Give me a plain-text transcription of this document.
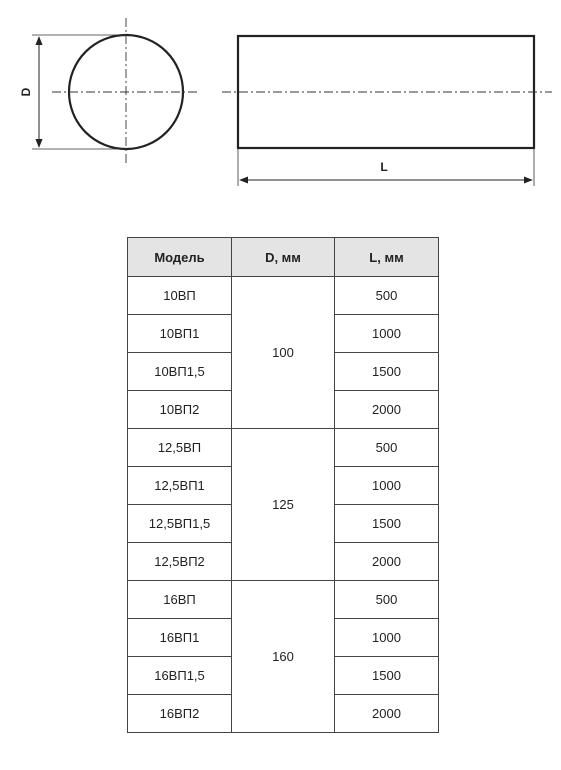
D
L
Модель	D, мм	L, мм
10ВП	100	500
10ВП1		1000
10ВП1,5		1500
10ВП2		2000
12,5ВП	125	500
12,5ВП1		1000
12,5ВП1,5		1500
12,5ВП2		2000
16ВП	160	500
16ВП1		1000
16ВП1,5		1500
16ВП2		2000
